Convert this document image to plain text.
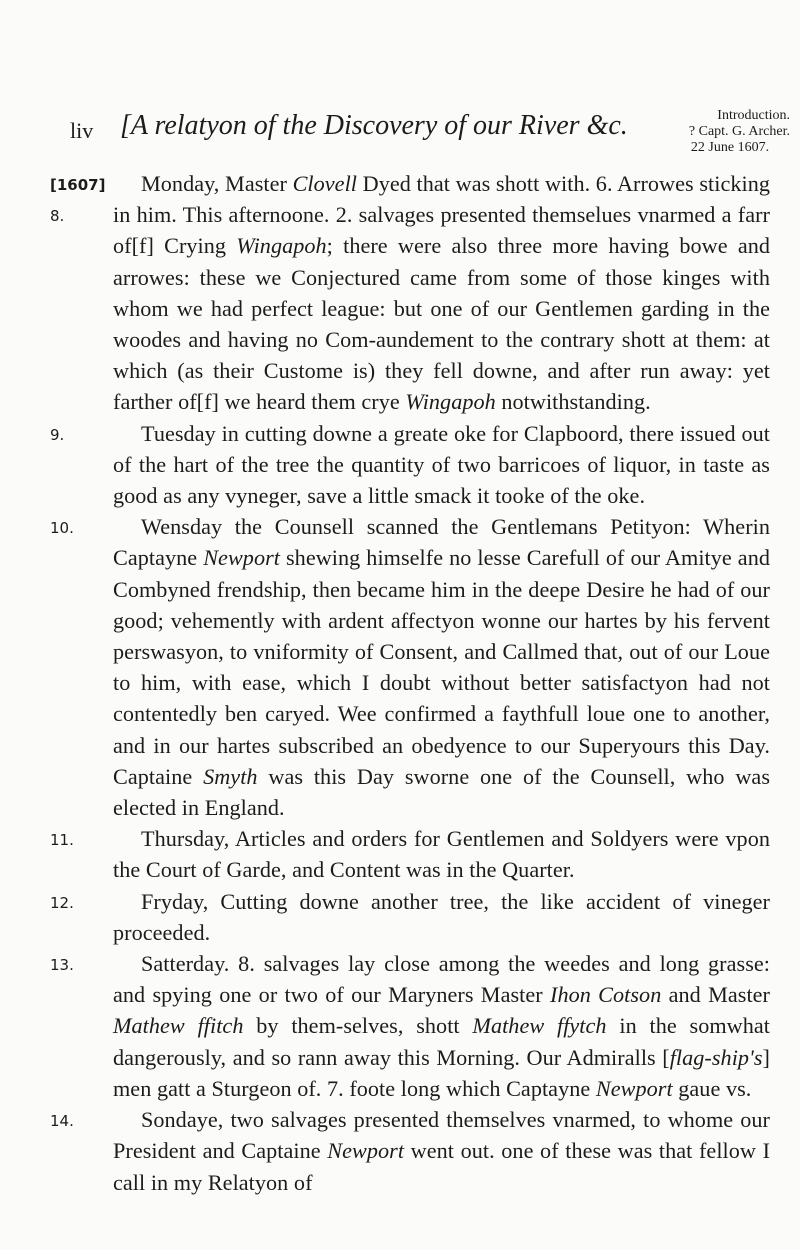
liv [A relatyon of the Discovery of our River &c.	Introduction.
? Capt. G. Archer.
22 June 1607.
[1607]
8.
Monday, Master Clovell Dyed that was shott with. 6. Arrowes sticking in him. This afternoone. 2. salvages presented themselues vnarmed a farr of[f] Crying Wingapoh; there were also three more having bowe and arrowes: these we Conjectured came from some of those kinges with whom we had perfect league: but one of our Gentlemen garding in the woodes and having no Com-aundement to the contrary shott at them: at which (as their Custome is) they fell downe, and after run away: yet farther of[f] we heard them crye Wingapoh notwithstanding.
9.	Tuesday in cutting downe a greate oke for Clapboord, there issued out of the hart of the tree the quantity of two barricoes of liquor, in taste as good as any vyneger, save a little smack it tooke of the oke.
10.	Wensday the Counsell scanned the Gentlemans Petityon: Wherin Captayne Newport shewing himselfe no lesse Carefull of our Amitye and Combyned frendship, then became him in the deepe Desire he had of our good; vehemently with ardent affectyon wonne our hartes by his fervent perswasyon, to vniformity of Consent, and Callmed that, out of our Loue to him, with ease, which I doubt without better satisfactyon had not contentedly ben caryed. Wee confirmed a faythfull loue one to another, and in our hartes subscribed an obedyence to our Superyours this Day. Captaine Smyth was this Day sworne one of the Counsell, who was elected in England.
11.	Thursday, Articles and orders for Gentlemen and Soldyers were vpon the Court of Garde, and Content was in the Quarter.
12.	Fryday, Cutting downe another tree, the like accident of vineger proceeded.
13.	Satterday. 8. salvages lay close among the weedes and long grasse: and spying one or two of our Maryners Master Ihon Cotson and Master Mathew ffitch by them-selves, shott Mathew ffytch in the somwhat dangerously, and so rann away this Morning. Our Admiralls [flag-ship's] men gatt a Sturgeon of. 7. foote long which Captayne Newport gaue vs.
14.	Sondaye, two salvages presented themselves vnarmed, to whome our President and Captaine Newport went out. one of these was that fellow I call in my Relatyon of
